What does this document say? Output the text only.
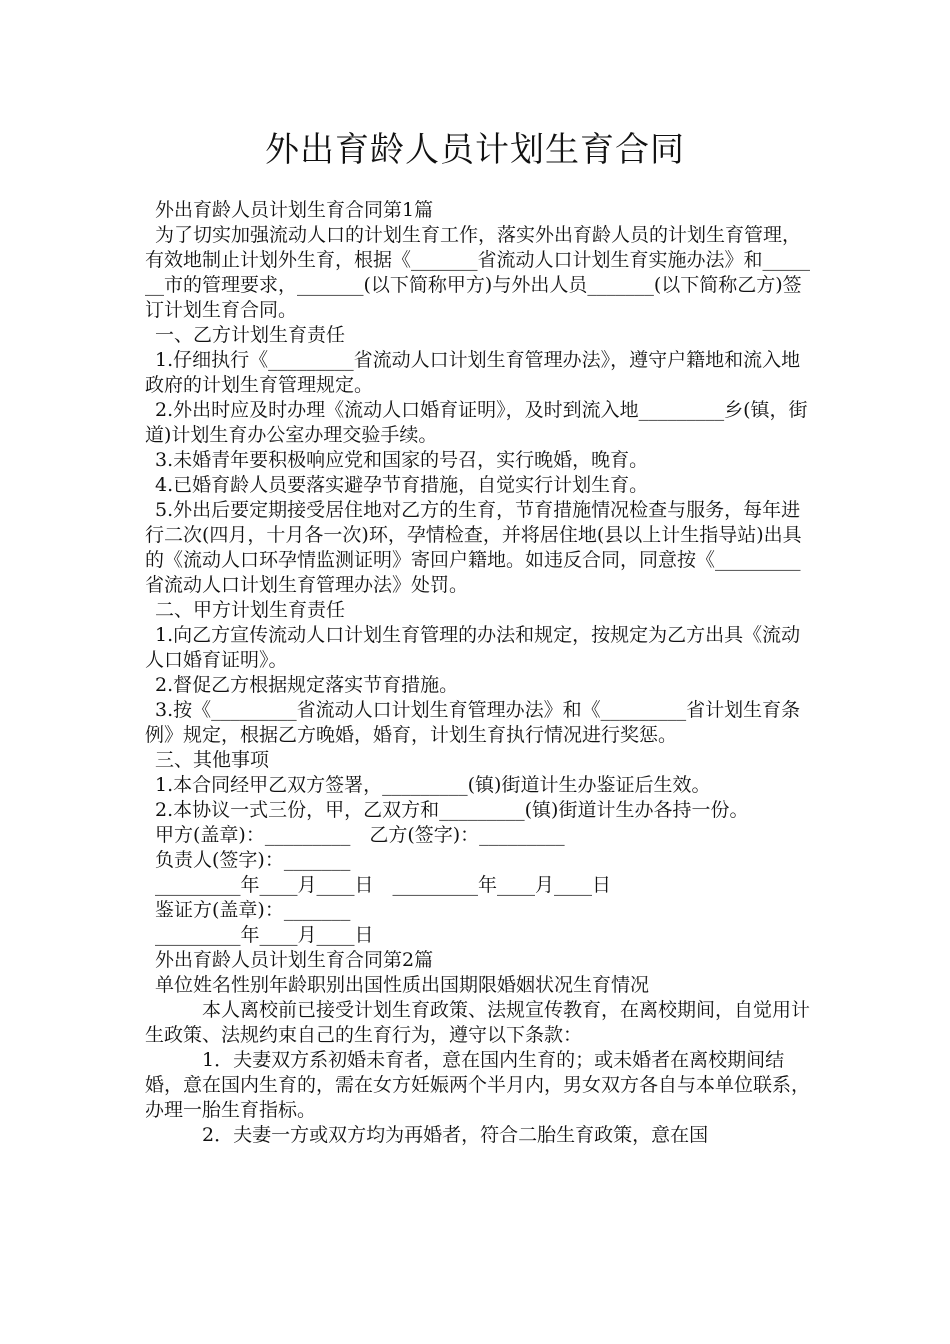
外出育龄人员计划生育合同

外出育龄人员计划生育合同第1篇

为了切实加强流动人口的计划生育工作，落实外出育龄人员的计划生育管理，有效地制止计划外生育，根据《_______省流动人口计划生育实施办法》和_______市的管理要求，_______(以下简称甲方)与外出人员_______(以下简称乙方)签订计划生育合同。

一、乙方计划生育责任

1.仔细执行《_________省流动人口计划生育管理办法》，遵守户籍地和流入地政府的计划生育管理规定。

2.外出时应及时办理《流动人口婚育证明》，及时到流入地_________乡(镇，街道)计划生育办公室办理交验手续。

3.未婚青年要积极响应党和国家的号召，实行晚婚，晚育。

4.已婚育龄人员要落实避孕节育措施，自觉实行计划生育。

5.外出后要定期接受居住地对乙方的生育，节育措施情况检查与服务，每年进行二次(四月，十月各一次)环，孕情检查，并将居住地(县以上计生指导站)出具的《流动人口环孕情监测证明》寄回户籍地。如违反合同，同意按《_________省流动人口计划生育管理办法》处罚。

二、甲方计划生育责任

1.向乙方宣传流动人口计划生育管理的办法和规定，按规定为乙方出具《流动人口婚育证明》。

2.督促乙方根据规定落实节育措施。

3.按《_________省流动人口计划生育管理办法》和《_________省计划生育条例》规定，根据乙方晚婚，婚育，计划生育执行情况进行奖惩。

三、其他事项

1.本合同经甲乙双方签署，_________(镇)街道计生办鉴证后生效。

2.本协议一式三份，甲，乙双方和_________(镇)街道计生办各持一份。

甲方(盖章)：_________　乙方(签字)：_________

负责人(签字)：_______

_________年____月____日　_________年____月____日

鉴证方(盖章)：_______

_________年____月____日

外出育龄人员计划生育合同第2篇

单位姓名性别年龄职别出国性质出国期限婚姻状况生育情况

本人离校前已接受计划生育政策、法规宣传教育，在离校期间，自觉用计生政策、法规约束自己的生育行为，遵守以下条款：

1．夫妻双方系初婚未育者，意在国内生育的；或未婚者在离校期间结婚，意在国内生育的，需在女方妊娠两个半月内，男女双方各自与本单位联系，办理一胎生育指标。

2．夫妻一方或双方均为再婚者，符合二胎生育政策，意在国
